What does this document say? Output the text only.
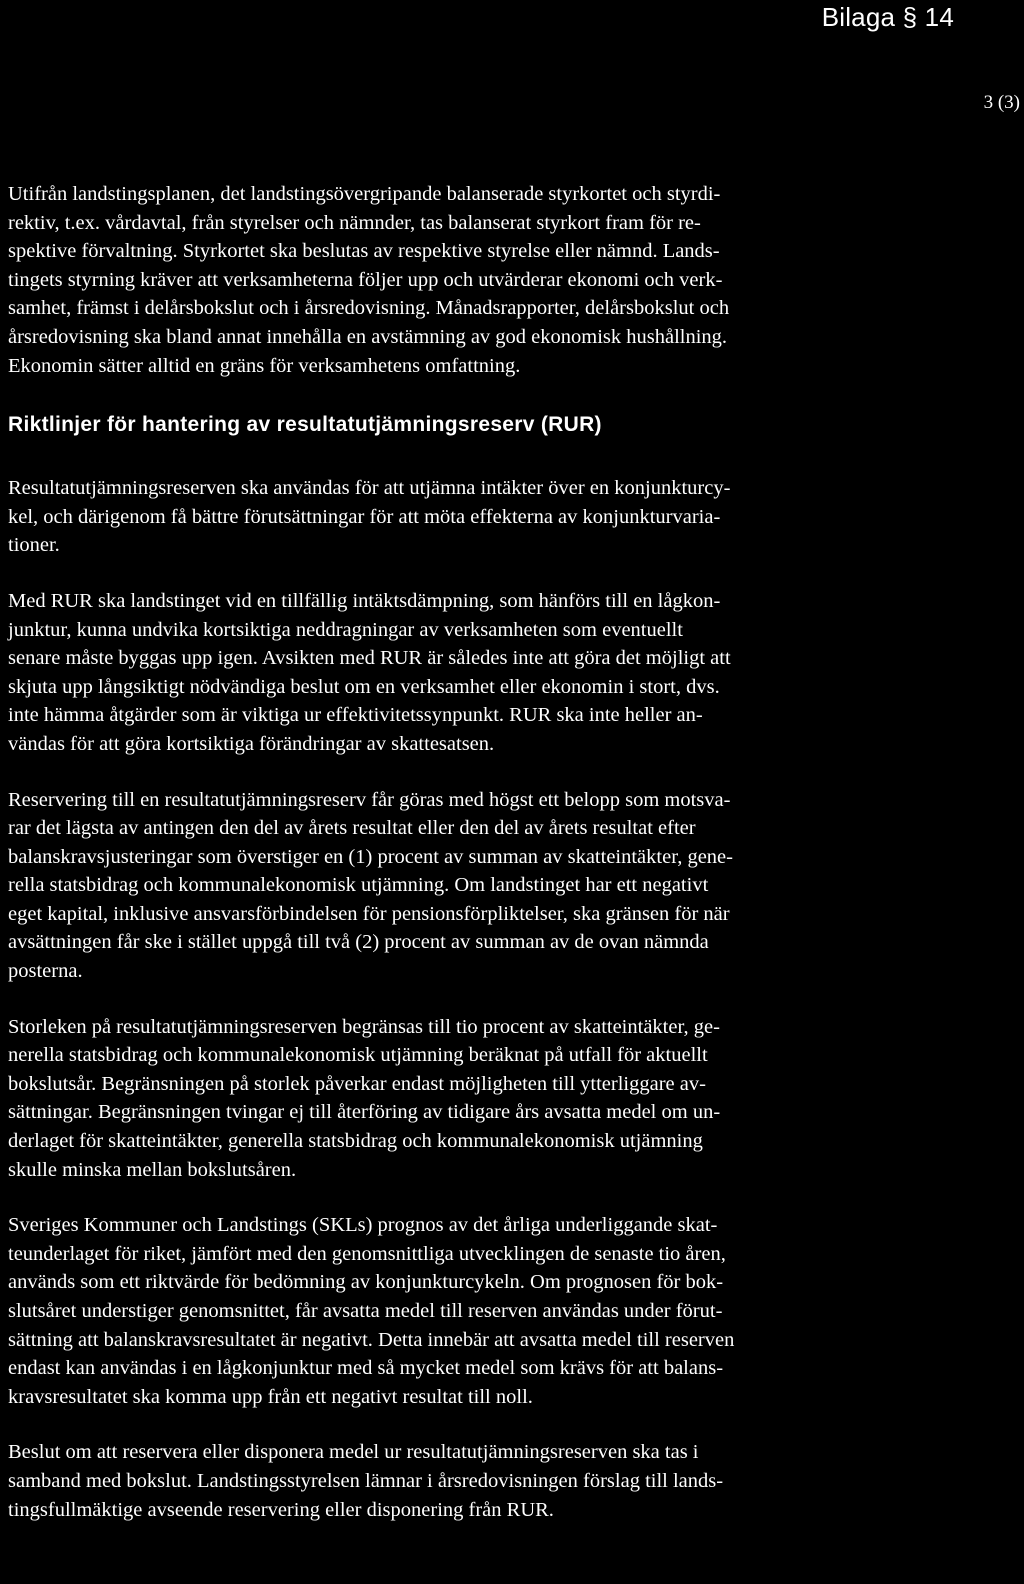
Bilaga § 14
3 (3)

Utifrån landstingsplanen, det landstingsövergripande balanserade styrkortet och styrdi-
rektiv, t.ex. vårdavtal, från styrelser och nämnder, tas balanserat styrkort fram för re-
spektive förvaltning. Styrkortet ska beslutas av respektive styrelse eller nämnd. Lands-
tingets styrning kräver att verksamheterna följer upp och utvärderar ekonomi och verk-
samhet, främst i delårsbokslut och i årsredovisning. Månadsrapporter, delårsbokslut och
årsredovisning ska bland annat innehålla en avstämning av god ekonomisk hushållning.
Ekonomin sätter alltid en gräns för verksamhetens omfattning.

Riktlinjer för hantering av resultatutjämningsreserv (RUR)

Resultatutjämningsreserven ska användas för att utjämna intäkter över en konjunkturcy-
kel, och därigenom få bättre förutsättningar för att möta effekterna av konjunkturvaria-
tioner.

Med RUR ska landstinget vid en tillfällig intäktsdämpning, som hänförs till en lågkon-
junktur, kunna undvika kortsiktiga neddragningar av verksamheten som eventuellt
senare måste byggas upp igen. Avsikten med RUR är således inte att göra det möjligt att
skjuta upp långsiktigt nödvändiga beslut om en verksamhet eller ekonomin i stort, dvs.
inte hämma åtgärder som är viktiga ur effektivitetssynpunkt. RUR ska inte heller an-
vändas för att göra kortsiktiga förändringar av skattesatsen.

Reservering till en resultatutjämningsreserv får göras med högst ett belopp som motsva-
rar det lägsta av antingen den del av årets resultat eller den del av årets resultat efter
balanskravsjusteringar som överstiger en (1) procent av summan av skatteintäkter, gene-
rella statsbidrag och kommunalekonomisk utjämning. Om landstinget har ett negativt
eget kapital, inklusive ansvarsförbindelsen för pensionsförpliktelser, ska gränsen för när
avsättningen får ske i stället uppgå till två (2) procent av summan av de ovan nämnda
posterna.

Storleken på resultatutjämningsreserven begränsas till tio procent av skatteintäkter, ge-
nerella statsbidrag och kommunalekonomisk utjämning beräknat på utfall för aktuellt
bokslutsår. Begränsningen på storlek påverkar endast möjligheten till ytterliggare av-
sättningar. Begränsningen tvingar ej till återföring av tidigare års avsatta medel om un-
derlaget för skatteintäkter, generella statsbidrag och kommunalekonomisk utjämning
skulle minska mellan bokslutsåren.

Sveriges Kommuner och Landstings (SKLs) prognos av det årliga underliggande skat-
teunderlaget för riket, jämfört med den genomsnittliga utvecklingen de senaste tio åren,
används som ett riktvärde för bedömning av konjunkturcykeln. Om prognosen för bok-
slutsåret understiger genomsnittet, får avsatta medel till reserven användas under förut-
sättning att balanskravsresultatet är negativt. Detta innebär att avsatta medel till reserven
endast kan användas i en lågkonjunktur med så mycket medel som krävs för att balans-
kravsresultatet ska komma upp från ett negativt resultat till noll.

Beslut om att reservera eller disponera medel ur resultatutjämningsreserven ska tas i
samband med bokslut. Landstingsstyrelsen lämnar i årsredovisningen förslag till lands-
tingsfullmäktige avseende reservering eller disponering från RUR.
